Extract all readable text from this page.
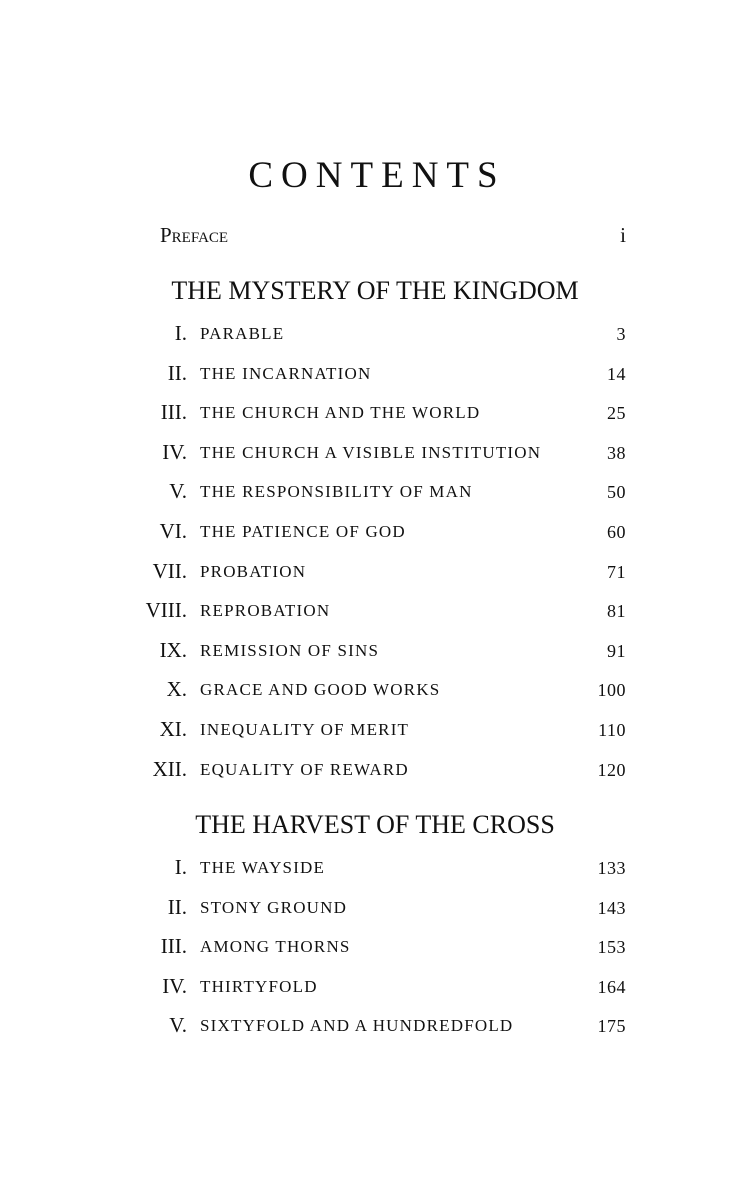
CONTENTS
Preface	i
THE MYSTERY OF THE KINGDOM
I. PARABLE	3
II. THE INCARNATION	14
III. THE CHURCH AND THE WORLD	25
IV. THE CHURCH A VISIBLE INSTITUTION	38
V. THE RESPONSIBILITY OF MAN	50
VI. THE PATIENCE OF GOD	60
VII. PROBATION	71
VIII. REPROBATION	81
IX. REMISSION OF SINS	91
X. GRACE AND GOOD WORKS	100
XI. INEQUALITY OF MERIT	110
XII. EQUALITY OF REWARD	120
THE HARVEST OF THE CROSS
I. THE WAYSIDE	133
II. STONY GROUND	143
III. AMONG THORNS	153
IV. THIRTYFOLD	164
V. SIXTYFOLD AND A HUNDREDFOLD	175
